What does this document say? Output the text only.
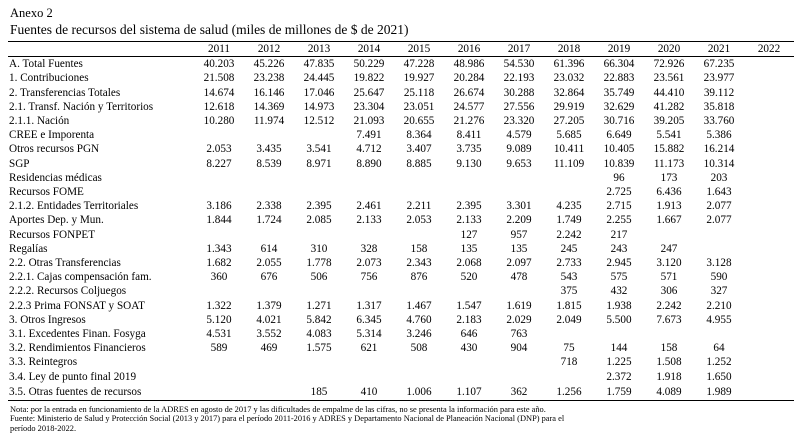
Anexo 2
Fuentes de recursos del sistema de salud (miles de millones de $ de 2021)
	2011	2012	2013	2014	2015	2016	2017	2018	2019	2020	2021	2022
A. Total Fuentes	40.203	45.226	47.835	50.229	47.228	48.986	54.530	61.396	66.304	72.926	67.235	
1. Contribuciones	21.508	23.238	24.445	19.822	19.927	20.284	22.193	23.032	22.883	23.561	23.977	
2. Transferencias Totales	14.674	16.146	17.046	25.647	25.118	26.674	30.288	32.864	35.749	44.410	39.112	
2.1. Transf. Nación y Territorios	12.618	14.369	14.973	23.304	23.051	24.577	27.556	29.919	32.629	41.282	35.818	
2.1.1. Nación	10.280	11.974	12.512	21.093	20.655	21.276	23.320	27.205	30.716	39.205	33.760	
CREE e Imporenta				7.491	8.364	8.411	4.579	5.685	6.649	5.541	5.386	
Otros recursos PGN	2.053	3.435	3.541	4.712	3.407	3.735	9.089	10.411	10.405	15.882	16.214	
SGP	8.227	8.539	8.971	8.890	8.885	9.130	9.653	11.109	10.839	11.173	10.314	
Residencias médicas									96	173	203	
Recursos FOME									2.725	6.436	1.643	
2.1.2. Entidades Territoriales	3.186	2.338	2.395	2.461	2.211	2.395	3.301	4.235	2.715	1.913	2.077	
Aportes Dep. y Mun.	1.844	1.724	2.085	2.133	2.053	2.133	2.209	1.749	2.255	1.667	2.077	
Recursos FONPET						127	957	2.242	217			
Regalías	1.343	614	310	328	158	135	135	245	243	247		
2.2. Otras Transferencias	1.682	2.055	1.778	2.073	2.343	2.068	2.097	2.733	2.945	3.120	3.128	
2.2.1. Cajas compensación fam.	360	676	506	756	876	520	478	543	575	571	590	
2.2.2. Recursos Coljuegos								375	432	306	327	
2.2.3 Prima FONSAT y SOAT	1.322	1.379	1.271	1.317	1.467	1.547	1.619	1.815	1.938	2.242	2.210	
3. Otros Ingresos	5.120	4.021	5.842	6.345	4.760	2.183	2.029	2.049	5.500	7.673	4.955	
3.1. Excedentes Finan. Fosyga	4.531	3.552	4.083	5.314	3.246	646	763					
3.2. Rendimientos Financieros	589	469	1.575	621	508	430	904	75	144	158	64	
3.3. Reintegros								718	1.225	1.508	1.252	
3.4. Ley de punto final 2019									2.372	1.918	1.650	
3.5. Otras fuentes de recursos			185	410	1.006	1.107	362	1.256	1.759	4.089	1.989	
Nota: por la entrada en funcionamiento de la ADRES en agosto de 2017 y las dificultades de empalme de las cifras, no se presenta la información para este año.
Fuente: Ministerio de Salud y Protección Social (2013 y 2017) para el período 2011-2016 y ADRES y Departamento Nacional de Planeación Nacional (DNP) para el
período 2018-2022.
